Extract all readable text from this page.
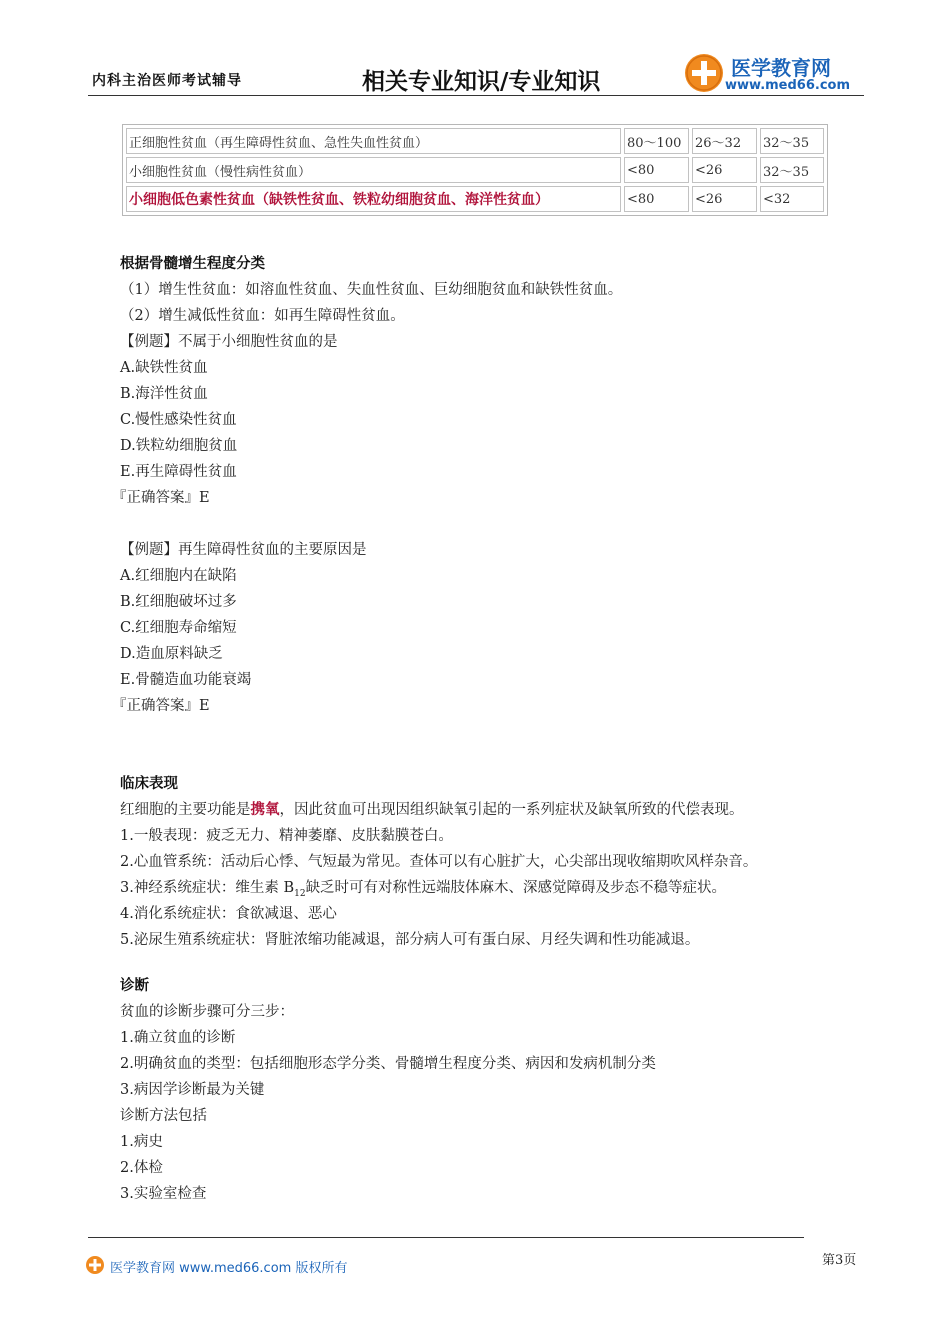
内科主治医师考试辅导	相关专业知识/专业知识
医学教育网
www.med66.com
正细胞性贫血（再生障碍性贫血、急性失血性贫血）	80～100	26～32	32～35
小细胞性贫血（慢性病性贫血）	<80	<26	32～35
小细胞低色素性贫血（缺铁性贫血、铁粒幼细胞贫血、海洋性贫血）	<80	<26	<32
根据骨髓增生程度分类
（1）增生性贫血：如溶血性贫血、失血性贫血、巨幼细胞贫血和缺铁性贫血。
（2）增生减低性贫血：如再生障碍性贫血。
【例题】不属于小细胞性贫血的是
A.缺铁性贫血
B.海洋性贫血
C.慢性感染性贫血
D.铁粒幼细胞贫血
E.再生障碍性贫血
『正确答案』E
【例题】再生障碍性贫血的主要原因是
A.红细胞内在缺陷
B.红细胞破坏过多
C.红细胞寿命缩短
D.造血原料缺乏
E.骨髓造血功能衰竭
『正确答案』E
临床表现
红细胞的主要功能是携氧，因此贫血可出现因组织缺氧引起的一系列症状及缺氧所致的代偿表现。
1.一般表现：疲乏无力、精神萎靡、皮肤黏膜苍白。
2.心血管系统：活动后心悸、气短最为常见。查体可以有心脏扩大，心尖部出现收缩期吹风样杂音。
3.神经系统症状：维生素 $B_{12}$缺乏时可有对称性远端肢体麻木、深感觉障碍及步态不稳等症状。
4.消化系统症状：食欲减退、恶心
5.泌尿生殖系统症状：肾脏浓缩功能减退，部分病人可有蛋白尿、月经失调和性功能减退。
诊断
贫血的诊断步骤可分三步：
1.确立贫血的诊断
2.明确贫血的类型：包括细胞形态学分类、骨髓增生程度分类、病因和发病机制分类
3.病因学诊断最为关键
诊断方法包括
1.病史
2.体检
3.实验室检查
医学教育网 www.med66.com 版权所有
第3页
